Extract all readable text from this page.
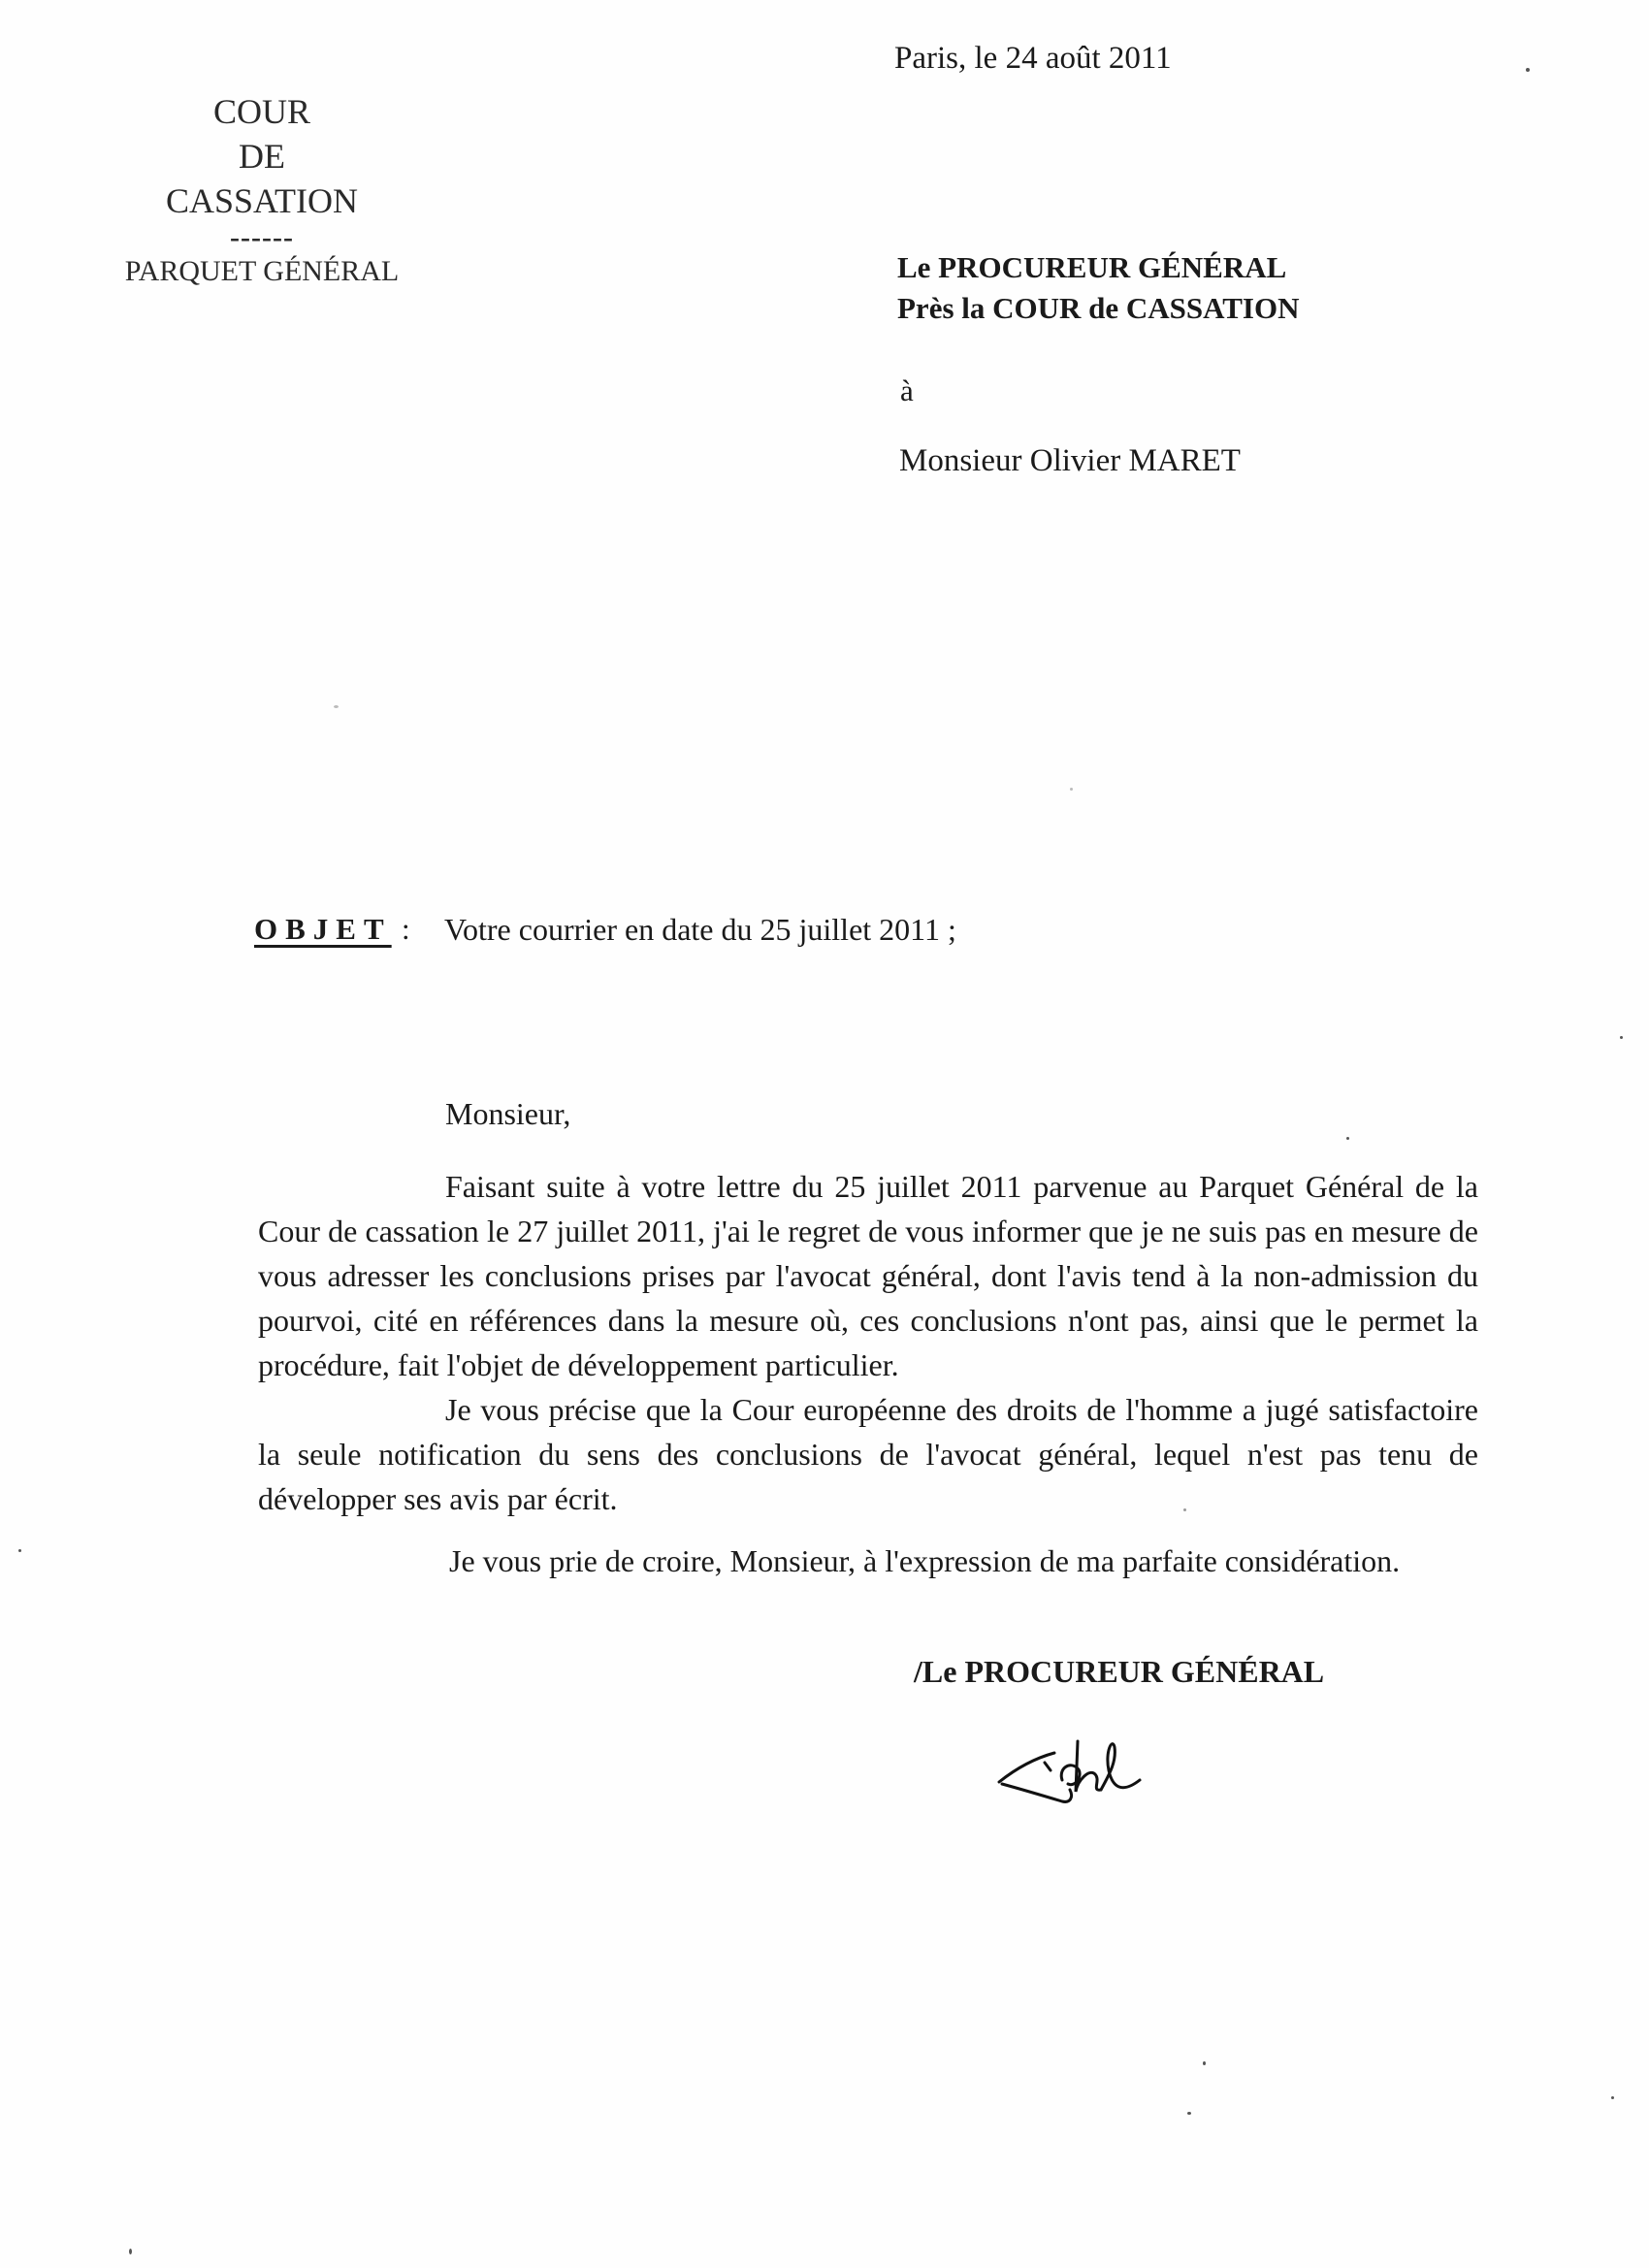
COUR
DE
CASSATION
------
PARQUET GÉNÉRAL
Paris, le 24 août 2011
Le PROCUREUR GÉNÉRAL
Près la COUR de CASSATION
à
Monsieur Olivier MARET
OBJET : Votre courrier en date du 25 juillet 2011 ;
Monsieur,
Faisant suite à votre lettre du 25 juillet 2011 parvenue au Parquet Général de la Cour de cassation le 27 juillet 2011, j'ai le regret de vous informer que je ne suis pas en mesure de vous adresser les conclusions prises par l'avocat général, dont l'avis tend à la non-admission du pourvoi, cité en références dans la mesure où, ces conclusions n'ont pas, ainsi que le permet la procédure, fait l'objet de développement particulier.
Je vous précise que la Cour européenne des droits de l'homme a jugé satisfactoire la seule notification du sens des conclusions de l'avocat général, lequel n'est pas tenu de développer ses avis par écrit.
Je vous prie de croire, Monsieur, à l'expression de ma parfaite considération.
/Le PROCUREUR GÉNÉRAL
